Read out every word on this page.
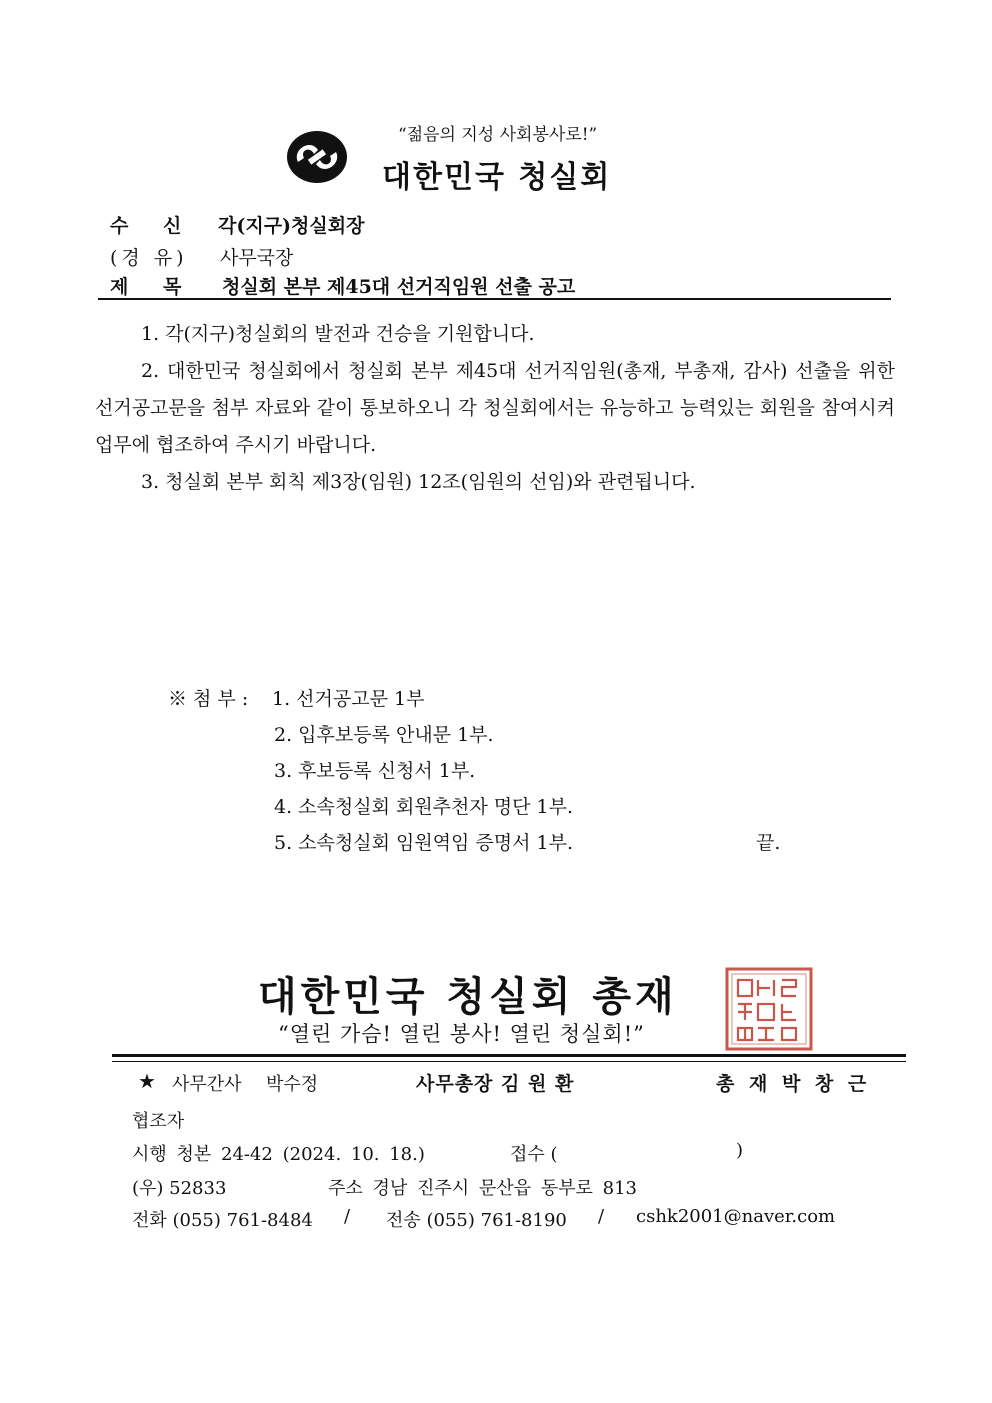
“젊음의 지성 사회봉사로!”
대한민국 청실회
수 신 각(지구)청실회장
(경 유) 사무국장
제 목 청실회 본부 제45대 선거직임원 선출 공고

1. 각(지구)청실회의 발전과 건승을 기원합니다.

2. 대한민국 청실회에서 청실회 본부 제45대 선거직임원(총재, 부총재, 감사) 선출을 위한 선거공고문을 첨부 자료와 같이 통보하오니 각 청실회에서는 유능하고 능력있는 회원을 참여시켜 업무에 협조하여 주시기 바랍니다.

3. 청실회 본부 회칙 제3장(임원) 12조(임원의 선임)와 관련됩니다.

※ 첨 부 : 1. 선거공고문 1부
2. 입후보등록 안내문 1부.
3. 후보등록 신청서 1부.
4. 소속청실회 회원추천자 명단 1부.
5. 소속청실회 임원역임 증명서 1부.	끝.
대한민국 청실회 총재
“열린 가슴! 열린 봉사! 열린 청실회!”
★ 사무간사 박수정	사무총장 김 원 환	총 재 박 창 근
협조자
시행 청본 24-42 (2024. 10. 18.)	접수 (	)
(우) 52833	주소 경남 진주시 문산읍 동부로 813
전화 (055) 761-8484 / 전송 (055) 761-8190 / cshk2001@naver.com
